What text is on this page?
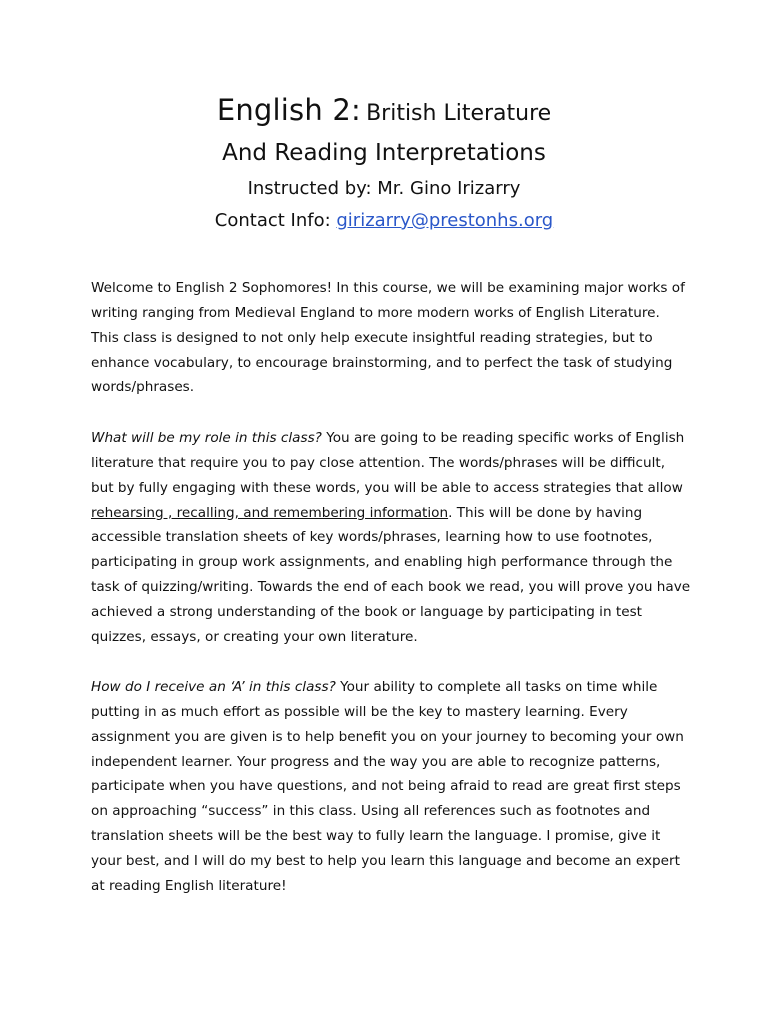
English 2: British Literature
And Reading Interpretations
Instructed by: Mr. Gino Irizarry
Contact Info: girizarry@prestonhs.org

Welcome to English 2 Sophomores! In this course, we will be examining major works of writing ranging from Medieval England to more modern works of English Literature. This class is designed to not only help execute insightful reading strategies, but to enhance vocabulary, to encourage brainstorming, and to perfect the task of studying words/phrases.

What will be my role in this class? You are going to be reading specific works of English literature that require you to pay close attention. The words/phrases will be difficult, but by fully engaging with these words, you will be able to access strategies that allow rehearsing , recalling, and remembering information. This will be done by having accessible translation sheets of key words/phrases, learning how to use footnotes, participating in group work assignments, and enabling high performance through the task of quizzing/writing. Towards the end of each book we read, you will prove you have achieved a strong understanding of the book or language by participating in test quizzes, essays, or creating your own literature.

How do I receive an ‘A’ in this class? Your ability to complete all tasks on time while putting in as much effort as possible will be the key to mastery learning. Every assignment you are given is to help benefit you on your journey to becoming your own independent learner. Your progress and the way you are able to recognize patterns, participate when you have questions, and not being afraid to read are great first steps on approaching “success” in this class. Using all references such as footnotes and translation sheets will be the best way to fully learn the language. I promise, give it your best, and I will do my best to help you learn this language and become an expert at reading English literature!
